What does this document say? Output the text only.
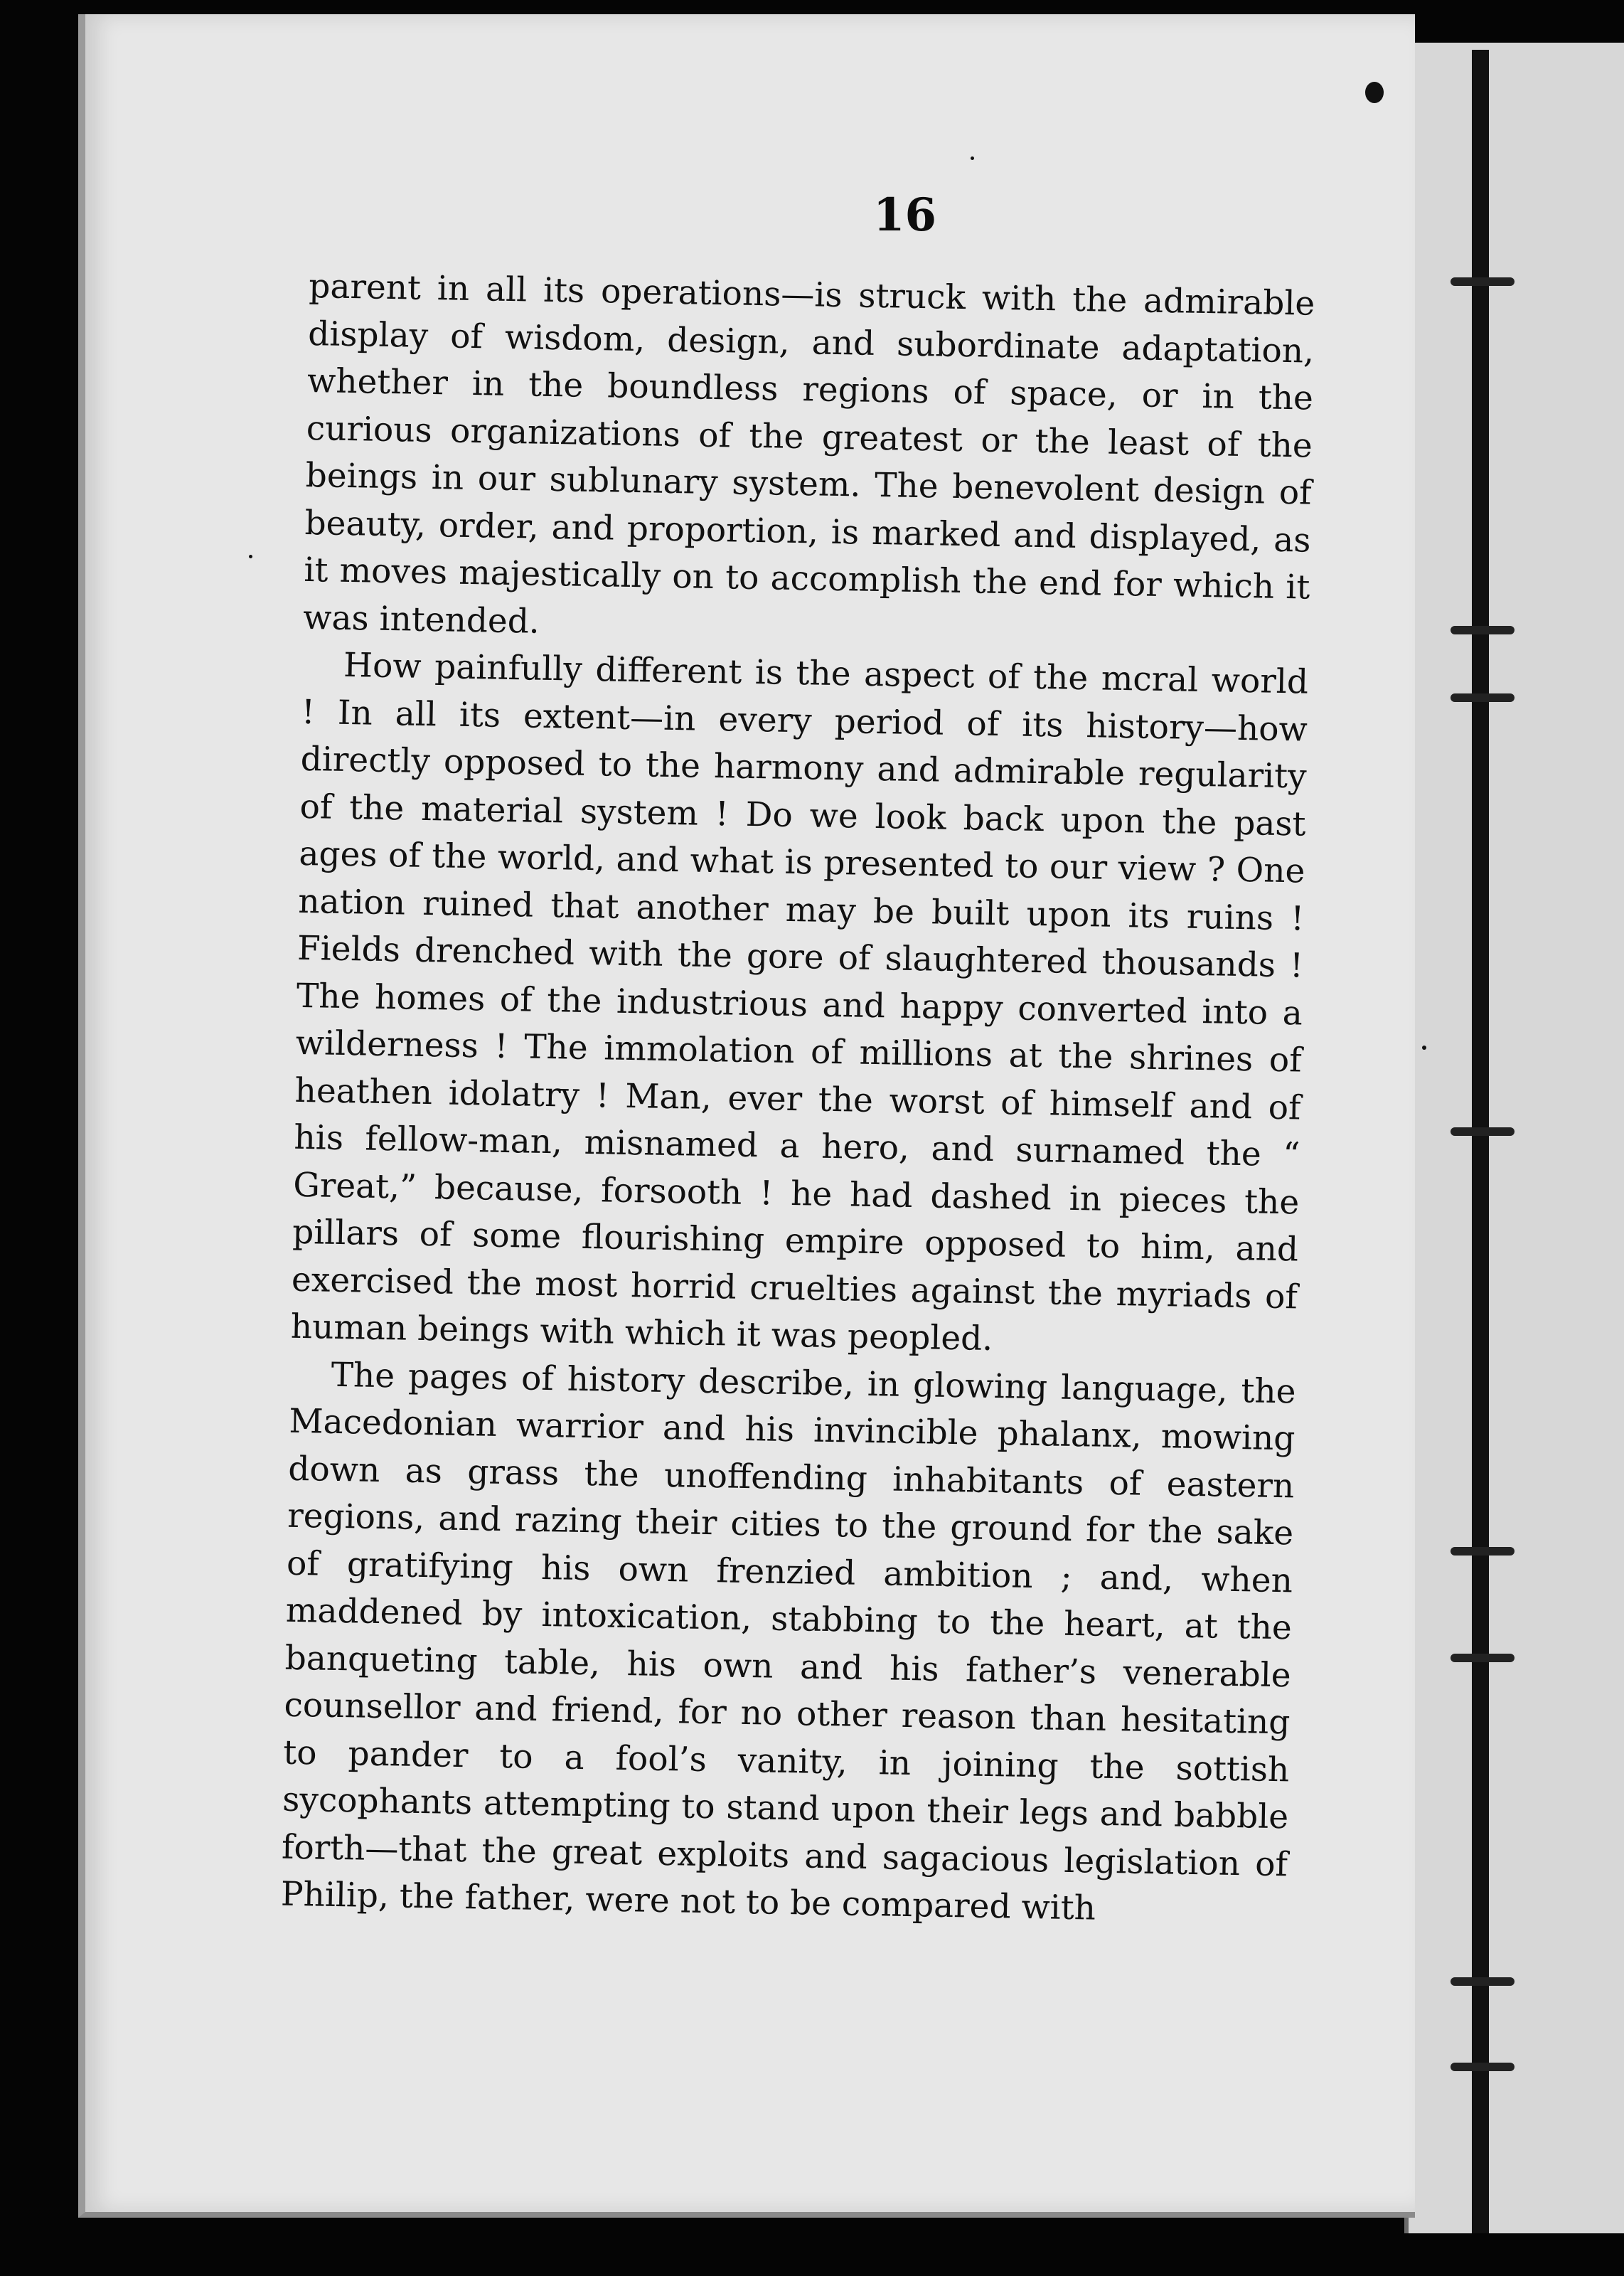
16

parent in all its operations—is struck with the admirable display of wisdom, design, and subordinate adaptation, whether in the boundless regions of space, or in the curious organizations of the greatest or the least of the beings in our sublunary system. The benevolent design of beauty, order, and proportion, is marked and displayed, as it moves majestically on to accomplish the end for which it was intended.

How painfully different is the aspect of the mcral world ! In all its extent—in every period of its history—how directly opposed to the harmony and admirable regularity of the material system ! Do we look back upon the past ages of the world, and what is presented to our view ? One nation ruined that another may be built upon its ruins ! Fields drenched with the gore of slaughtered thousands ! The homes of the industrious and happy converted into a wilderness ! The immolation of millions at the shrines of heathen idolatry ! Man, ever the worst of himself and of his fellow-man, misnamed a hero, and surnamed the “ Great,” because, forsooth ! he had dashed in pieces the pillars of some flourishing empire opposed to him, and exercised the most horrid cruelties against the myriads of human beings with which it was peopled.

The pages of history describe, in glowing language, the Macedonian warrior and his invincible phalanx, mowing down as grass the unoffending inhabitants of eastern regions, and razing their cities to the ground for the sake of gratifying his own frenzied ambition ; and, when maddened by intoxication, stabbing to the heart, at the banqueting table, his own and his father’s venerable counsellor and friend, for no other reason than hesitating to pander to a fool’s vanity, in joining the sottish sycophants attempting to stand upon their legs and babble forth—that the great exploits and sagacious legislation of Philip, the father, were not to be compared with
